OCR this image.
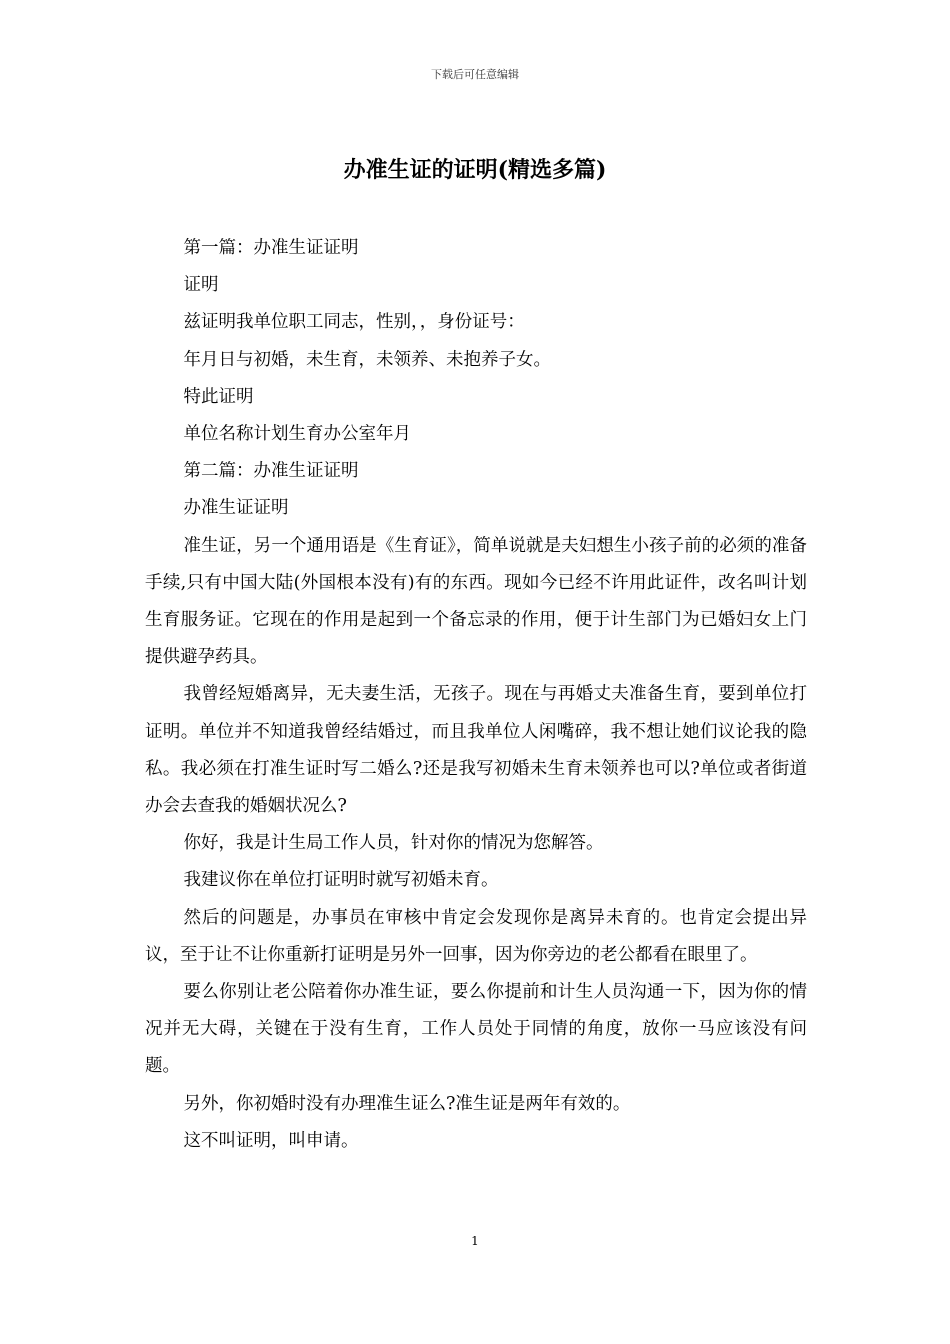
下载后可任意编辑
办准生证的证明(精选多篇)

第一篇：办准生证证明

证明

兹证明我单位职工同志，性别，，身份证号：

年月日与初婚，未生育，未领养、未抱养子女。

特此证明

单位名称计划生育办公室年月

第二篇：办准生证证明

办准生证证明

准生证，另一个通用语是《生育证》，简单说就是夫妇想生小孩子前的必须的准备手续,只有中国大陆(外国根本没有)有的东西。现如今已经不许用此证件，改名叫计划生育服务证。它现在的作用是起到一个备忘录的作用，便于计生部门为已婚妇女上门提供避孕药具。

我曾经短婚离异，无夫妻生活，无孩子。现在与再婚丈夫准备生育，要到单位打证明。单位并不知道我曾经结婚过，而且我单位人闲嘴碎，我不想让她们议论我的隐私。我必须在打准生证时写二婚么?还是我写初婚未生育未领养也可以?单位或者街道办会去查我的婚姻状况么?

你好，我是计生局工作人员，针对你的情况为您解答。

我建议你在单位打证明时就写初婚未育。

然后的问题是，办事员在审核中肯定会发现你是离异未育的。也肯定会提出异议，至于让不让你重新打证明是另外一回事，因为你旁边的老公都看在眼里了。

要么你别让老公陪着你办准生证，要么你提前和计生人员沟通一下，因为你的情况并无大碍，关键在于没有生育，工作人员处于同情的角度，放你一马应该没有问题。

另外，你初婚时没有办理准生证么?准生证是两年有效的。

这不叫证明，叫申请。

1
